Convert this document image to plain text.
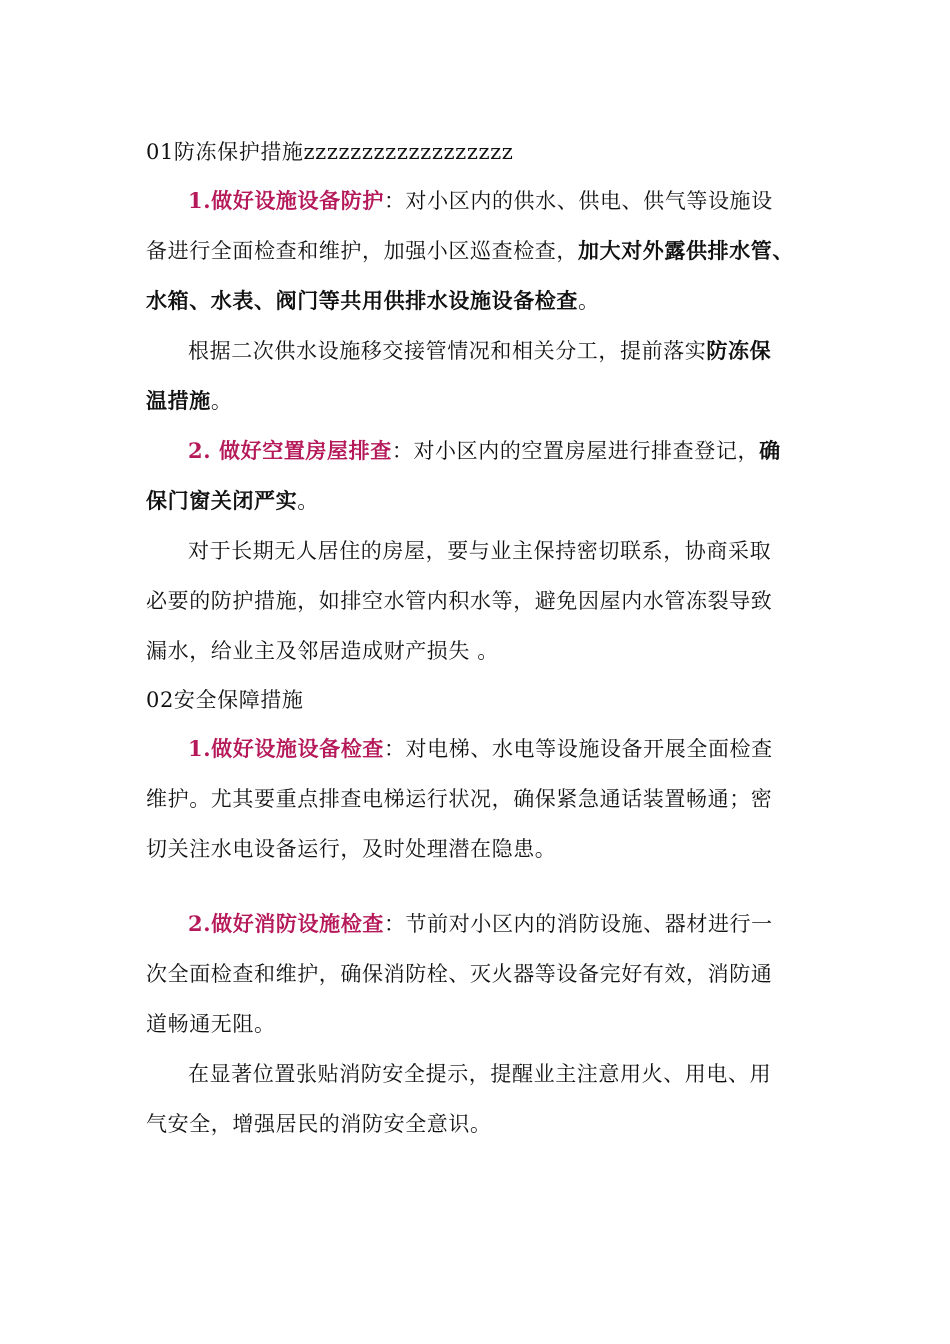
01防冻保护措施zzzzzzzzzzzzzzzzzz
1.做好设施设备防护：对小区内的供水、供电、供气等设施设
备进行全面检查和维护，加强小区巡查检查，加大对外露供排水管、
水箱、水表、阀门等共用供排水设施设备检查。
根据二次供水设施移交接管情况和相关分工，提前落实防冻保
温措施。
2. 做好空置房屋排查：对小区内的空置房屋进行排查登记，确
保门窗关闭严实。
对于长期无人居住的房屋，要与业主保持密切联系，协商采取
必要的防护措施，如排空水管内积水等，避免因屋内水管冻裂导致
漏水，给业主及邻居造成财产损失 。
02安全保障措施
1.做好设施设备检查：对电梯、水电等设施设备开展全面检查
维护。尤其要重点排查电梯运行状况，确保紧急通话装置畅通；密
切关注水电设备运行，及时处理潜在隐患。
2.做好消防设施检查：节前对小区内的消防设施、器材进行一
次全面检查和维护，确保消防栓、灭火器等设备完好有效，消防通
道畅通无阻。
在显著位置张贴消防安全提示，提醒业主注意用火、用电、用
气安全，增强居民的消防安全意识。
